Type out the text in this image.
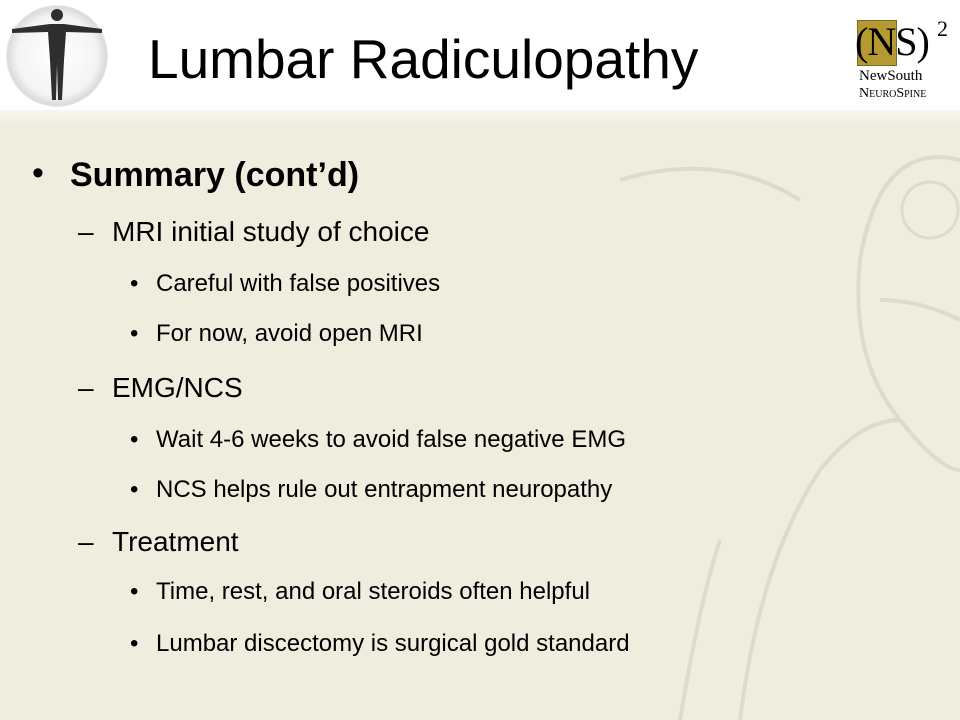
Lumbar Radiculopathy	(NS) 2
NewSouth
NeuroSpine
• Summary (cont’d)
– MRI initial study of choice
• Careful with false positives
• For now, avoid open MRI
– EMG/NCS
• Wait 4-6 weeks to avoid false negative EMG
• NCS helps rule out entrapment neuropathy
– Treatment
• Time, rest, and oral steroids often helpful
• Lumbar discectomy is surgical gold standard
